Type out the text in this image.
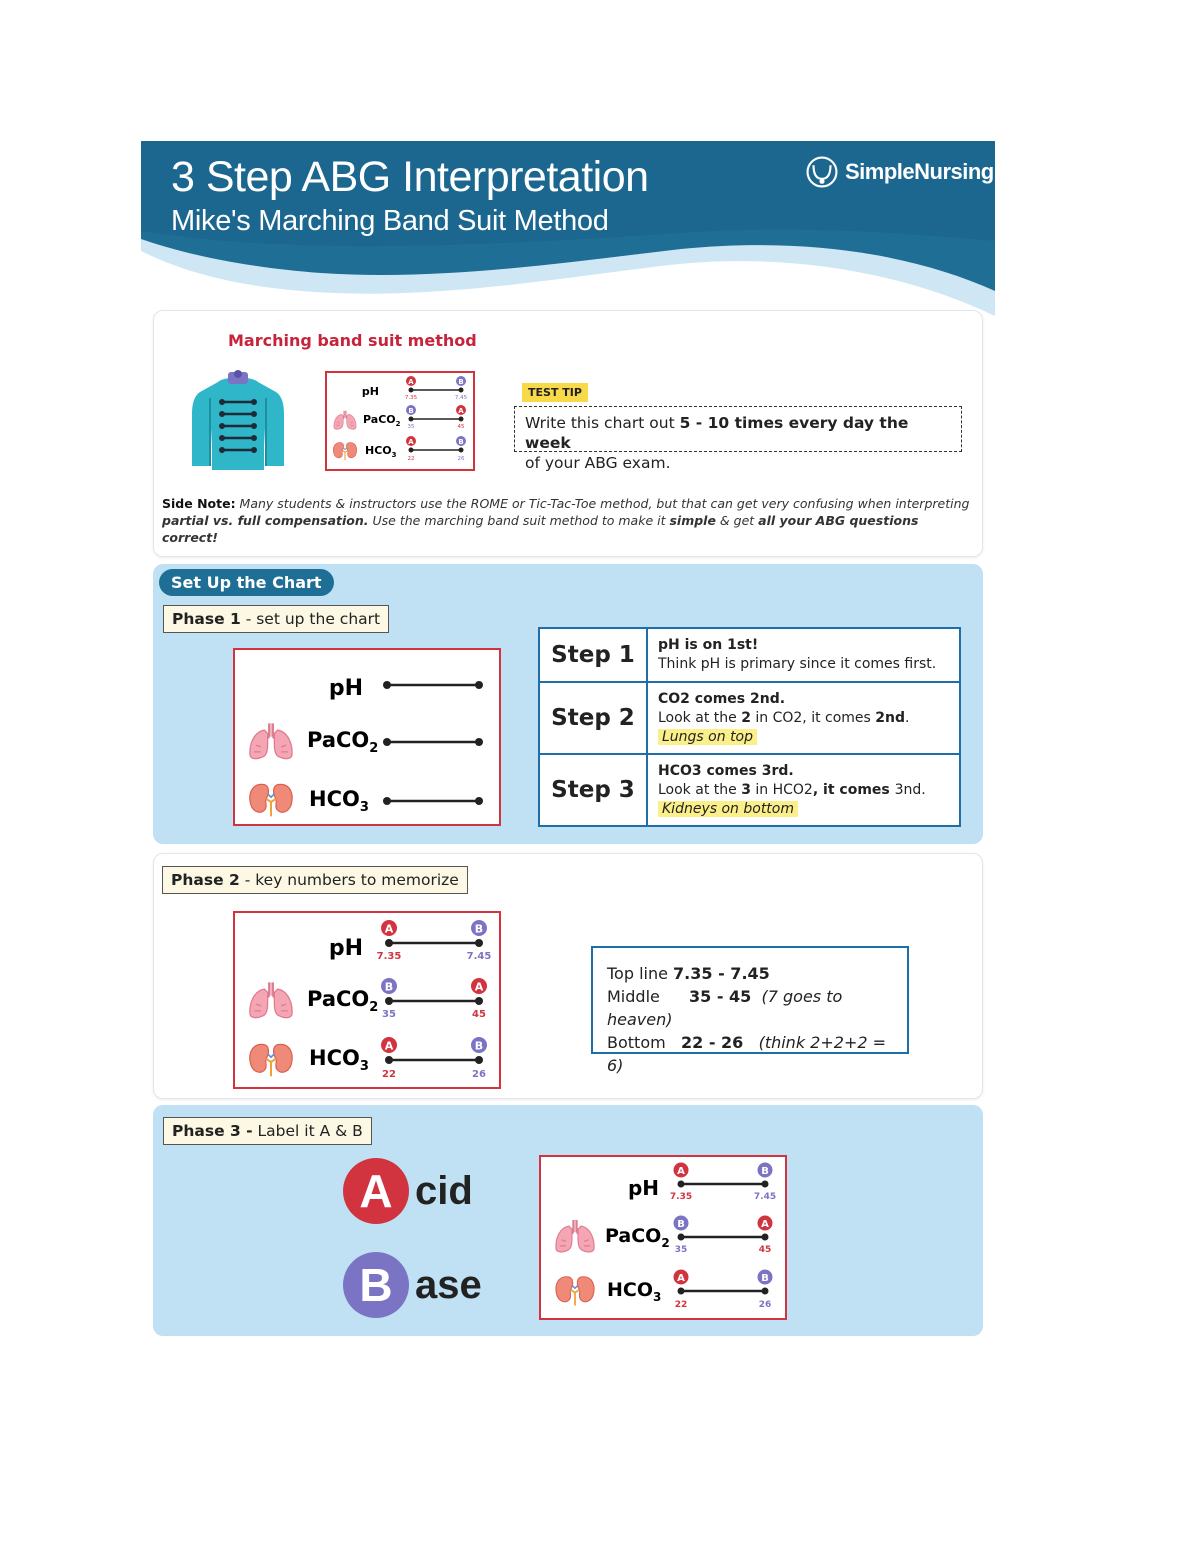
3 Step ABG Interpretation
Mike's Marching Band Suit Method
SimpleNursing
Marching band suit method
pH
A	B
7.35	7.45
PaCO$_2$
B	A
35	45
$HCO_3$
A	B
22	26
TEST TIP
Write this chart out 5 - 10 times every day the week
of your ABG exam.
Side Note: Many students & instructors use the ROME or Tic-Tac-Toe method, but that can get very confusing when interpreting partial vs. full compensation. Use the marching band suit method to make it simple & get all your ABG questions correct!
Set Up the Chart
Phase 1 - set up the chart
pH
PaCO$_2$
$HCO_3$
Step 1	pH is on 1st!
Think pH is primary since it comes first.

Step 2	CO2 comes 2nd.
Look at the 2 in CO2, it comes 2nd.
Lungs on top

Step 3	HCO3 comes 3rd.
Look at the 3 in HCO2, it comes 3nd.
Kidneys on bottom
Phase 2 - key numbers to memorize
pH
A	B
7.35	7.45
PaCO$_2$
B	A
35	45
$HCO_3$
A	B
22	26
Top line 7.35 - 7.45
Middle 35 - 45 (7 goes to heaven)
Bottom 22 - 26 (think 2+2+2 = 6)
Phase 3 - Label it A & B
A cid
B ase
pH
A	B
7.35	7.45
PaCO$_2$
B	A
35	45
$HCO_3$
A	B
22	26
